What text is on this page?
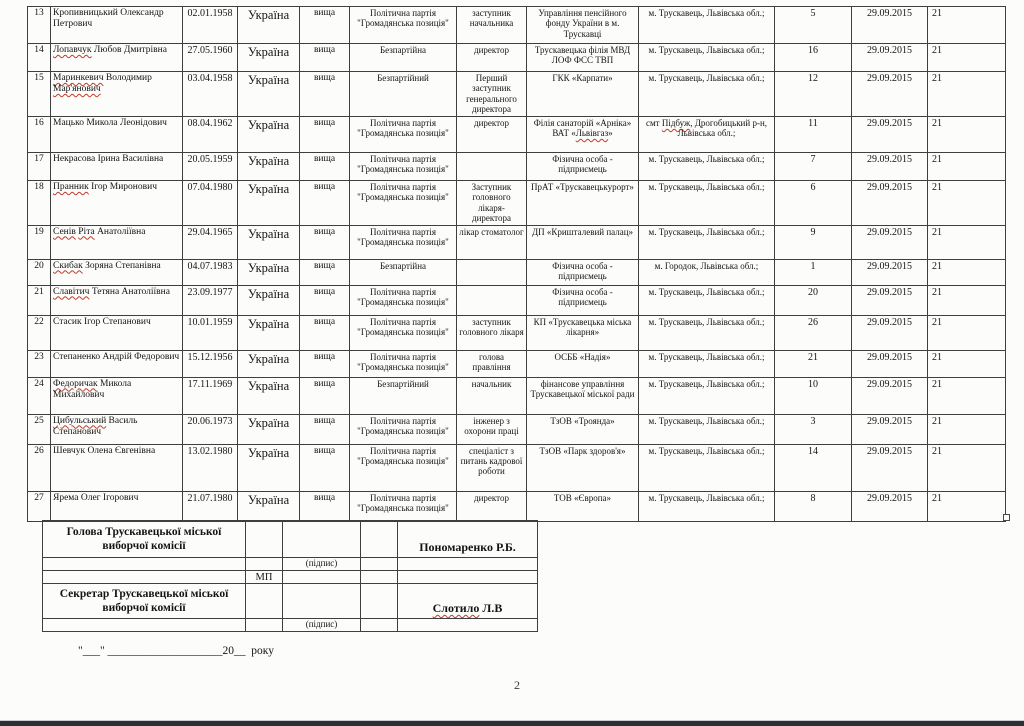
13	Кропивницький Олександр Петрович	02.01.1958	Україна	вища	Політична партія "Громадянська позиція"	заступник начальника	Управління пенсійного фонду України в м. Трускавці	м. Трускавець, Львівська обл.;	5	29.09.2015	21
14	Лопавчук Любов Дмитрівна	27.05.1960	Україна	вища	Безпартійна	директор	Трускавецька філія МВД ЛОФ ФСС ТВП	м. Трускавець, Львівська обл.;	16	29.09.2015	21
15	Маринкевич Володимир Мар'янович	03.04.1958	Україна	вища	Безпартійний	Перший заступник генерального директора	ГКК «Карпати»	м. Трускавець, Львівська обл.;	12	29.09.2015	21
16	Мацько Микола Леонідович	08.04.1962	Україна	вища	Політична партія "Громадянська позиція"	директор	Філія санаторій «Арніка» ВАТ «Львівгаз»	смт Підбуж, Дрогобицький р-н, Львівська обл.;	11	29.09.2015	21
17	Некрасова Ірина Василівна	20.05.1959	Україна	вища	Політична партія "Громадянська позиція"		Фізична особа - підприємець	м. Трускавець, Львівська обл.;	7	29.09.2015	21
18	Пранник Ігор Миронович	07.04.1980	Україна	вища	Політична партія "Громадянська позиція"	Заступник головного лікаря-директора	ПрАТ «Трускавецькурорт»	м. Трускавець, Львівська обл.;	6	29.09.2015	21
19	Сенів Ріта Анатоліївна	29.04.1965	Україна	вища	Політична партія "Громадянська позиція"	лікар стоматолог	ДП «Кришталевий палац»	м. Трускавець, Львівська обл.;	9	29.09.2015	21
20	Скибак Зоряна Степанівна	04.07.1983	Україна	вища	Безпартійна		Фізична особа - підприємець	м. Городок, Львівська обл.;	1	29.09.2015	21
21	Славітич Тетяна Анатоліївна	23.09.1977	Україна	вища	Політична партія "Громадянська позиція"		Фізична особа - підприємець	м. Трускавець, Львівська обл.;	20	29.09.2015	21
22	Стасик Ігор Степанович	10.01.1959	Україна	вища	Політична партія "Громадянська позиція"	заступник головного лікаря	КП «Трускавецька міська лікарня»	м. Трускавець, Львівська обл.;	26	29.09.2015	21
23	Степаненко Андрій Федорович	15.12.1956	Україна	вища	Політична партія "Громадянська позиція"	голова правління	ОСББ «Надія»	м. Трускавець, Львівська обл.;	21	29.09.2015	21
24	Федоричак Микола Михайлович	17.11.1969	Україна	вища	Безпартійний	начальник	фінансове управління Трускавецької міської ради	м. Трускавець, Львівська обл.;	10	29.09.2015	21
25	Цибульський Василь Степанович	20.06.1973	Україна	вища	Політична партія "Громадянська позиція"	інженер з охорони праці	ТзОВ «Троянда»	м. Трускавець, Львівська обл.;	3	29.09.2015	21
26	Шевчук Олена Євгенівна	13.02.1980	Україна	вища	Політична партія "Громадянська позиція"	спеціаліст з питань кадрової роботи	ТзОВ «Парк здоров'я»	м. Трускавець, Львівська обл.;	14	29.09.2015	21
27	Ярема Олег Ігорович	21.07.1980	Україна	вища	Політична партія "Громадянська позиція"	директор	ТОВ «Європа»	м. Трускавець, Львівська обл.;	8	29.09.2015	21
Голова Трускавецької міської виборчої комісії				Пономаренко Р.Б.
		(підпис)		
	МП			
Секретар Трускавецької міської виборчої комісії				Слотило Л.В
		(підпис)		
"___" ____________________20__  року
2
